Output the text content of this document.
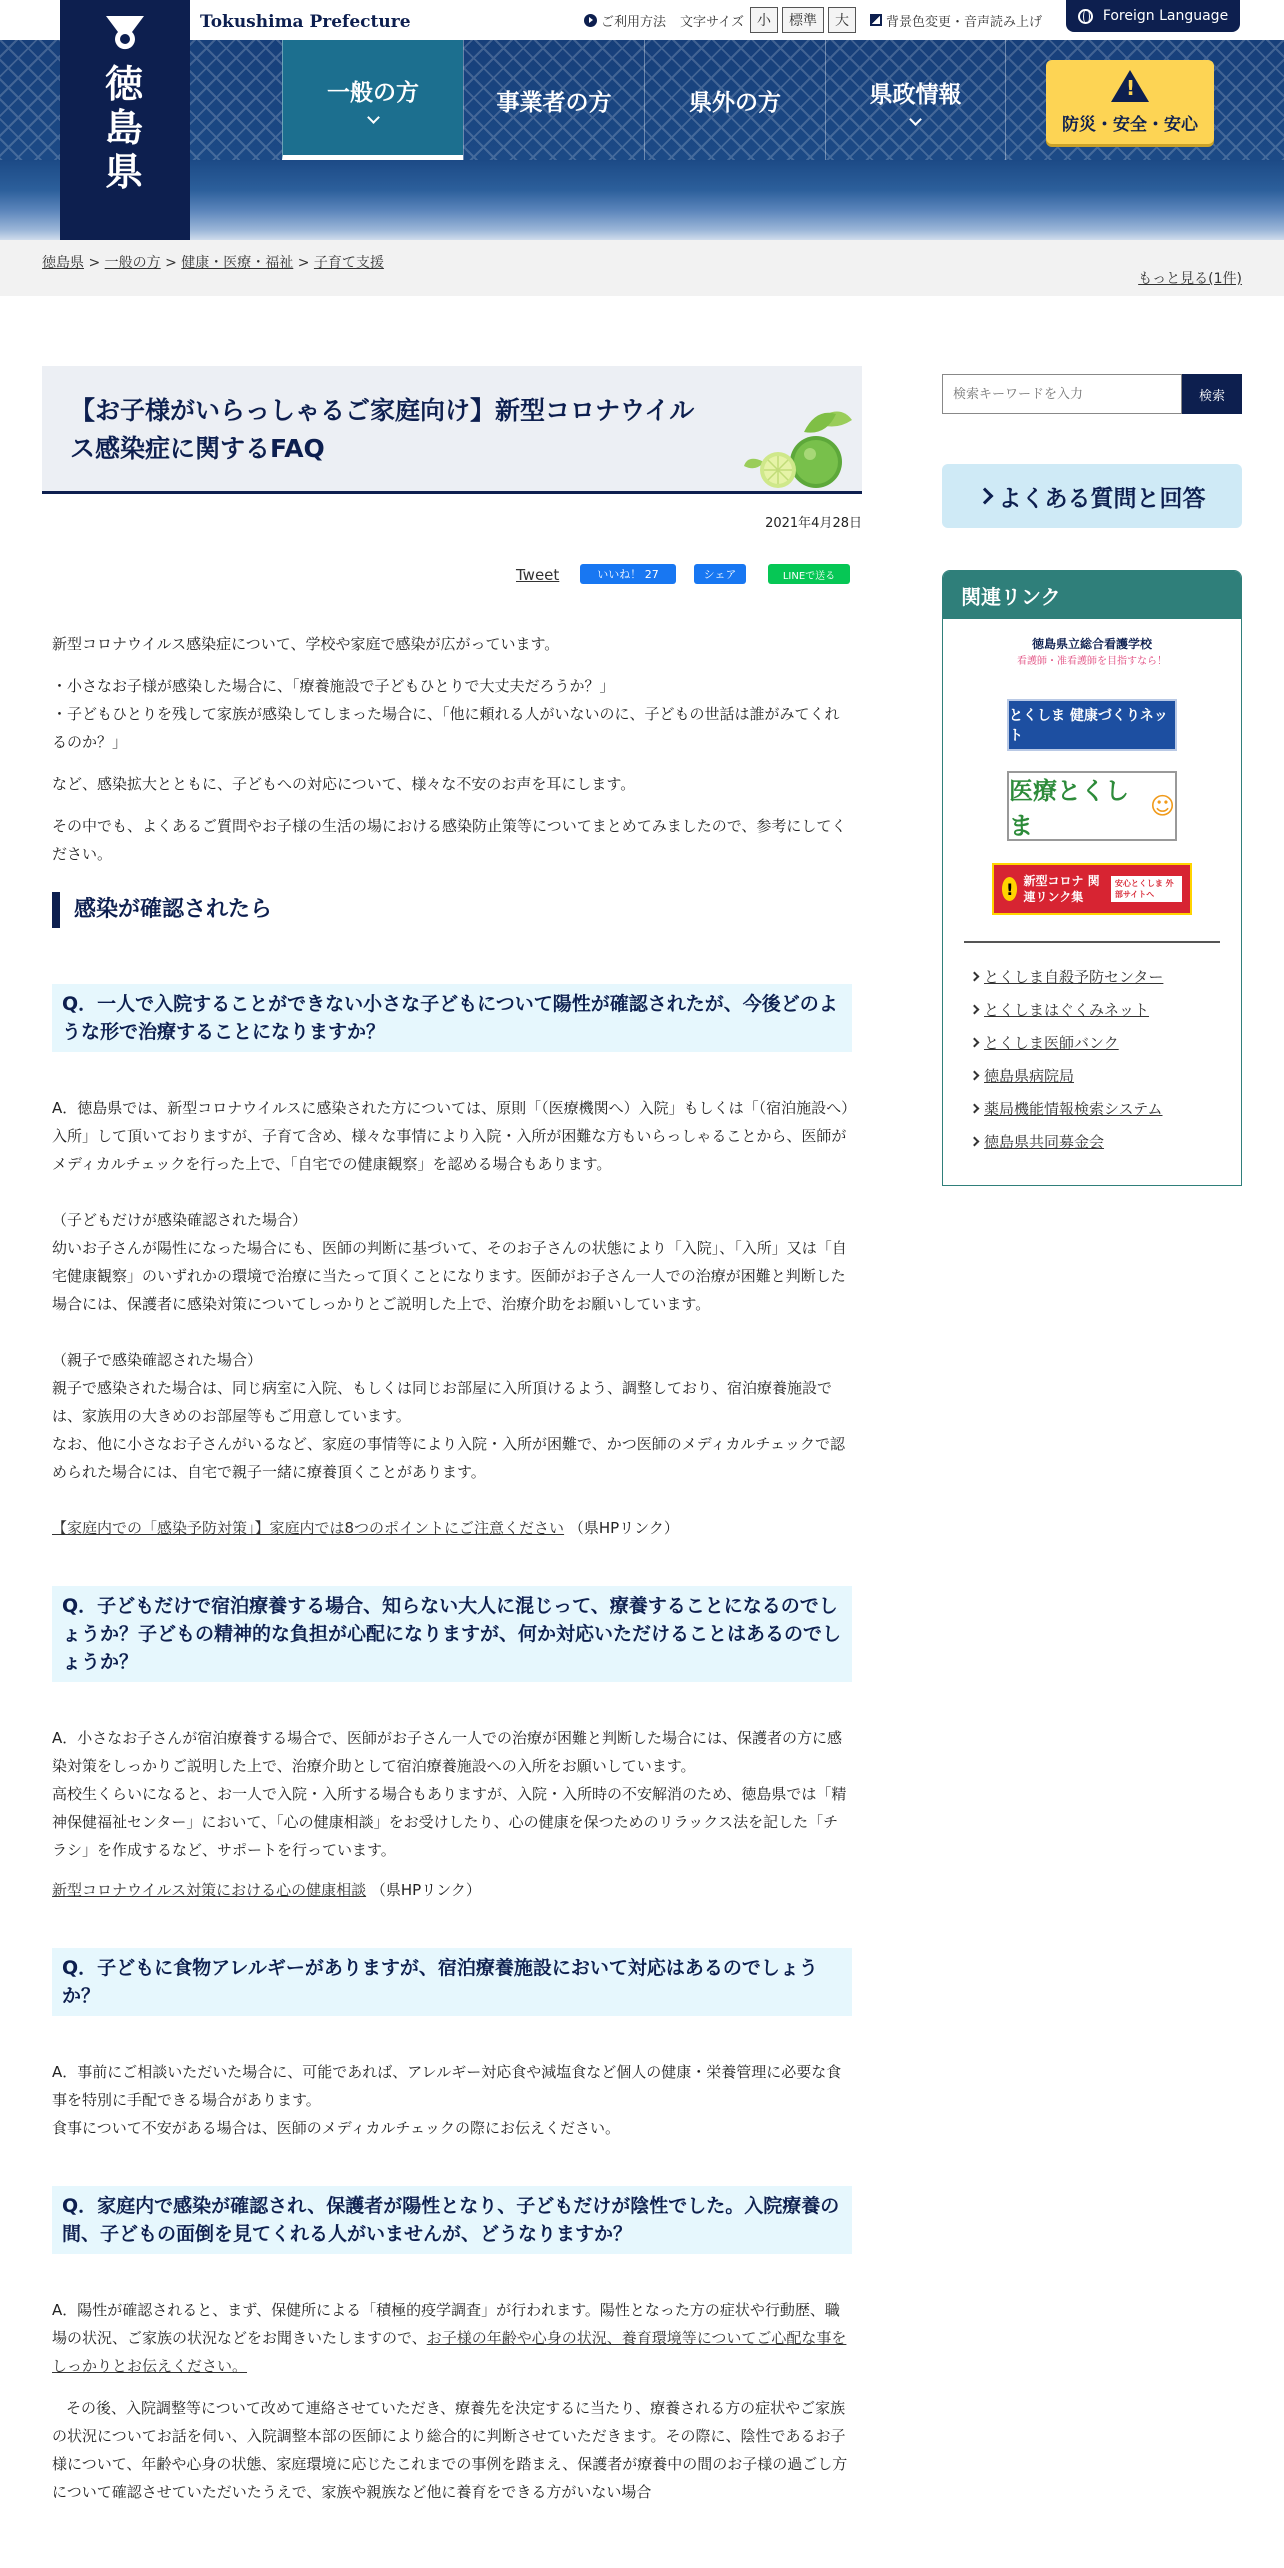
Tokushima Prefecture	ご利用方法 文字サイズ 小	標準	大	背景色変更・音声読み上げ	Foreign Language
徳
島
県
一般の方	事業者の方	県外の方	県政情報	!
防災・安全・安心
徳島県 > 一般の方 > 健康・医療・福祉 > 子育て支援
もっと見る(1件)
【お子様がいらっしゃるご家庭向け】新型コロナウイルス感染症に関するFAQ
2021年4月28日
Tweet	いいね！ 27	シェア	LINEで送る

新型コロナウイルス感染症について、学校や家庭で感染が広がっています。

・小さなお子様が感染した場合に、「療養施設で子どもひとりで大丈夫だろうか？」

・子どもひとりを残して家族が感染してしまった場合に、「他に頼れる人がいないのに、子どもの世話は誰がみてくれるのか？」

など、感染拡大とともに、子どもへの対応について、様々な不安のお声を耳にします。

その中でも、よくあるご質問やお子様の生活の場における感染防止策等についてまとめてみましたので、参考にしてください。

感染が確認されたら
Q．一人で入院することができない小さな子どもについて陽性が確認されたが、今後どのような形で治療することになりますか？

A．徳島県では、新型コロナウイルスに感染された方については、原則「（医療機関へ）入院」もしくは「（宿泊施設へ）入所」して頂いておりますが、子育て含め、様々な事情により入院・入所が困難な方もいらっしゃることから、医師がメディカルチェックを行った上で、「自宅での健康観察」を認める場合もあります。

（子どもだけが感染確認された場合）

幼いお子さんが陽性になった場合にも、医師の判断に基づいて、そのお子さんの状態により「入院」、「入所」又は「自宅健康観察」のいずれかの環境で治療に当たって頂くことになります。医師がお子さん一人での治療が困難と判断した場合には、保護者に感染対策についてしっかりとご説明した上で、治療介助をお願いしています。

（親子で感染確認された場合）

親子で感染された場合は、同じ病室に入院、もしくは同じお部屋に入所頂けるよう、調整しており、宿泊療養施設では、家族用の大きめのお部屋等もご用意しています。

なお、他に小さなお子さんがいるなど、家庭の事情等により入院・入所が困難で、かつ医師のメディカルチェックで認められた場合には、自宅で親子一緒に療養頂くことがあります。

【家庭内での「感染予防対策」】家庭内では8つのポイントにご注意ください （県HPリンク）

Q．子どもだけで宿泊療養する場合、知らない大人に混じって、療養することになるのでしょうか？子どもの精神的な負担が心配になりますが、何か対応いただけることはあるのでしょうか？

A．小さなお子さんが宿泊療養する場合で、医師がお子さん一人での治療が困難と判断した場合には、保護者の方に感染対策をしっかりご説明した上で、治療介助として宿泊療養施設への入所をお願いしています。

高校生くらいになると、お一人で入院・入所する場合もありますが、入院・入所時の不安解消のため、徳島県では「精神保健福祉センター」において、「心の健康相談」をお受けしたり、心の健康を保つためのリラックス法を記した「チラシ」を作成するなど、サポートを行っています。

新型コロナウイルス対策における心の健康相談 （県HPリンク）

Q．子どもに食物アレルギーがありますが、宿泊療養施設において対応はあるのでしょうか？

A．事前にご相談いただいた場合に、可能であれば、アレルギー対応食や減塩食など個人の健康・栄養管理に必要な食事を特別に手配できる場合があります。

食事について不安がある場合は、医師のメディカルチェックの際にお伝えください。

Q．家庭内で感染が確認され、保護者が陽性となり、子どもだけが陰性でした。入院療養の間、子どもの面倒を見てくれる人がいませんが、どうなりますか？

A．陽性が確認されると、まず、保健所による「積極的疫学調査」が行われます。陽性となった方の症状や行動歴、職場の状況、ご家族の状況などをお聞きいたしますので、お子様の年齢や心身の状況、養育環境等についてご心配な事をしっかりとお伝えください。

その後、入院調整等について改めて連絡させていただき、療養先を決定するに当たり、療養される方の症状やご家族の状況についてお話を伺い、入院調整本部の医師により総合的に判断させていただきます。その際に、陰性であるお子様について、年齢や心身の状態、家庭環境に応じたこれまでの事例を踏まえ、保護者が療養中の間のお子様の過ごし方について確認させていただいたうえで、家族や親族など他に養育をできる方がいない場合

検索キーワードを入力
検索
よくある質問と回答
関連リンク
徳島県立総合看護学校
看護師・准看護師を目指すなら！
とくしま 健康づくりネット
医療とくしま
☺
! 新型コロナ 関連リンク集
安心とくしま 外部サイトへ
とくしま自殺予防センター
とくしまはぐくみネット
とくしま医師バンク
徳島県病院局
薬局機能情報検索システム
徳島県共同募金会
